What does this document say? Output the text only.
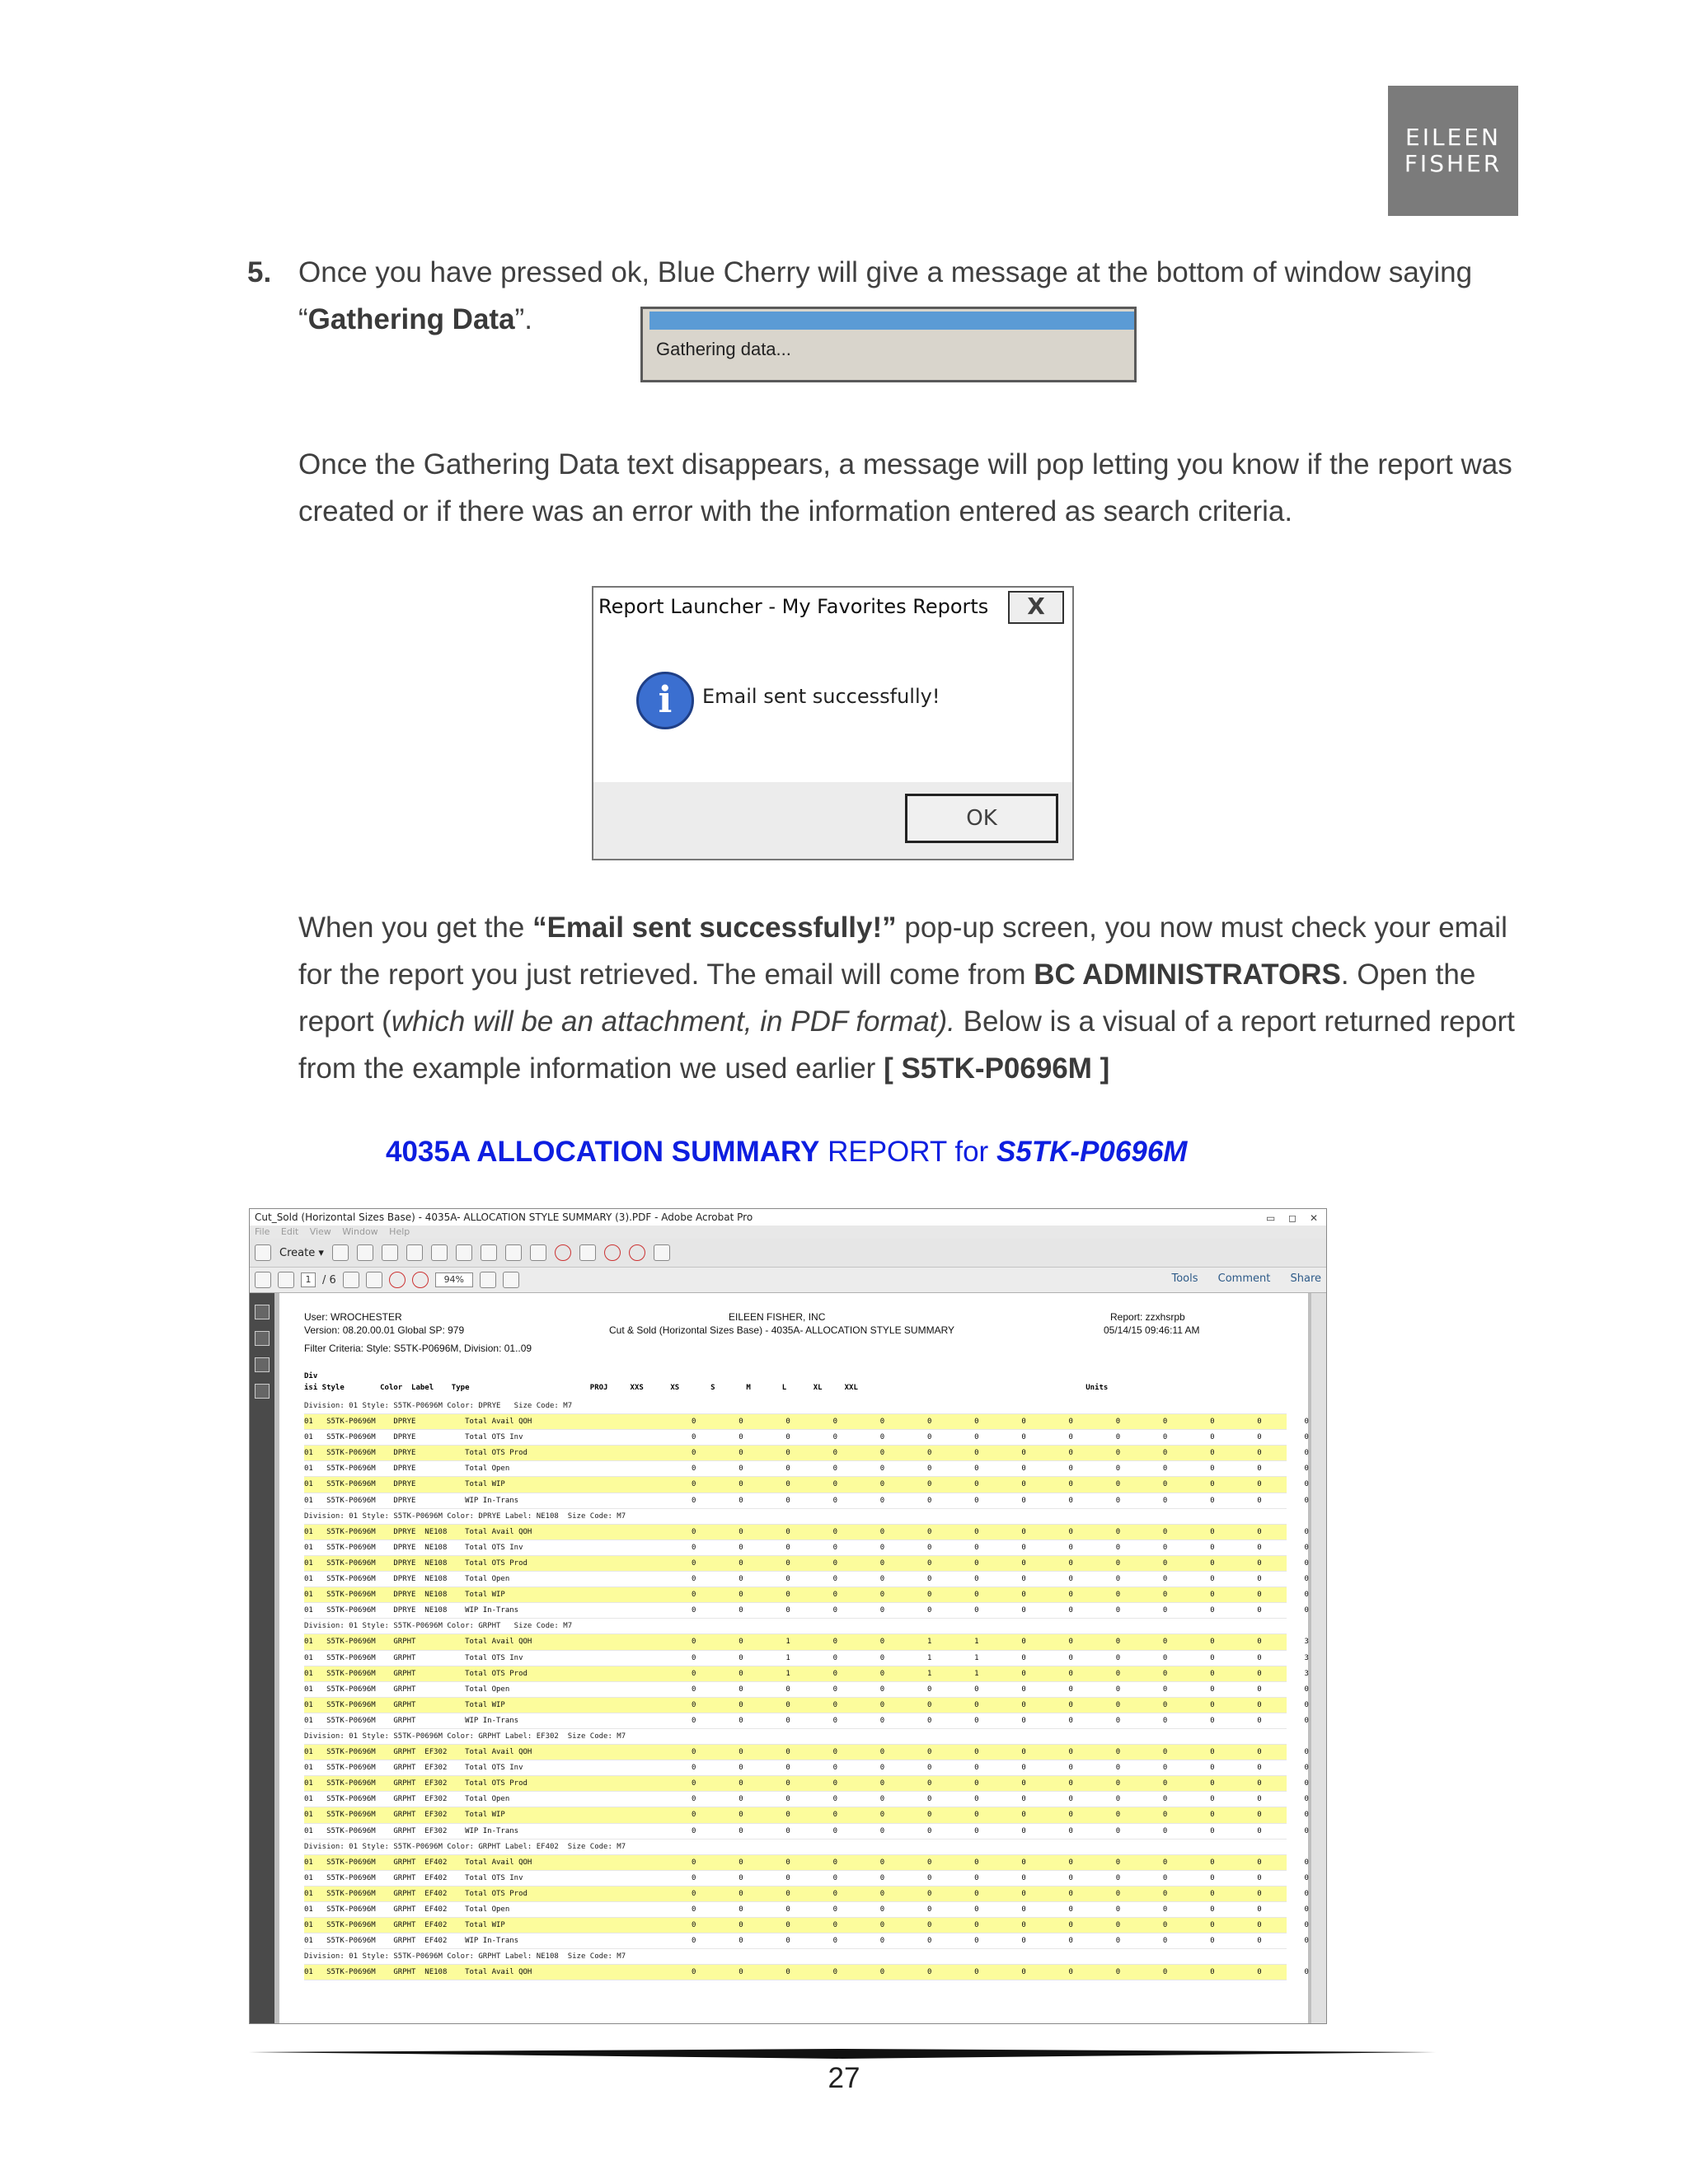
EILEEN
FISHER
5. Once you have pressed ok, Blue Cherry will give a message at the bottom of window saying “Gathering Data”.
Gathering data...
Once the Gathering Data text disappears, a message will pop letting you know if the report was created or if there was an error with the information entered as search criteria.
Report Launcher - My Favorites Reports	X
i	Email sent successfully!
OK
When you get the “Email sent successfully!” pop-up screen, you now must check your email for the report you just retrieved. The email will come from BC ADMINISTRATORS. Open the report (which will be an attachment, in PDF format). Below is a visual of a report returned report from the example information we used earlier [ S5TK-P0696M ]
4035A ALLOCATION SUMMARY REPORT for S5TK-P0696M
Cut_Sold (Horizontal Sizes Base) - 4035A- ALLOCATION STYLE SUMMARY (3).PDF - Adobe Acrobat Pro	▭ ◻ ✕
File Edit View Window Help
Create ▾
1	/ 6	94%	Tools Comment Share
User: WROCHESTER
Version: 08.20.00.01 Global SP: 979
Filter Criteria: Style: S5TK-P0696M, Division: 01..09
EILEEN FISHER, INC
Cut & Sold (Horizontal Sizes Base) - 4035A- ALLOCATION STYLE SUMMARY
Report: zzxhsrpb
05/14/15 09:46:11 AM
Div
isi Style        Color  Label    Type                           PROJ     XXS      XS       S       M       L      XL     XXL                                                   Units
Division: 01 Style: S5TK-P0696M Color: DPRYE   Size Code: M7
01   S5TK-P0696M    DPRYE           Total Avail QOH	0	0	0	0	0	0	0	0	0	0	0	0	0	0
01   S5TK-P0696M    DPRYE           Total OTS Inv	0	0	0	0	0	0	0	0	0	0	0	0	0	0
01   S5TK-P0696M    DPRYE           Total OTS Prod	0	0	0	0	0	0	0	0	0	0	0	0	0	0
01   S5TK-P0696M    DPRYE           Total Open	0	0	0	0	0	0	0	0	0	0	0	0	0	0
01   S5TK-P0696M    DPRYE           Total WIP	0	0	0	0	0	0	0	0	0	0	0	0	0	0
01   S5TK-P0696M    DPRYE           WIP In-Trans	0	0	0	0	0	0	0	0	0	0	0	0	0	0
Division: 01 Style: S5TK-P0696M Color: DPRYE Label: NE108  Size Code: M7
01   S5TK-P0696M    DPRYE  NE108    Total Avail QOH	0	0	0	0	0	0	0	0	0	0	0	0	0	0
01   S5TK-P0696M    DPRYE  NE108    Total OTS Inv	0	0	0	0	0	0	0	0	0	0	0	0	0	0
01   S5TK-P0696M    DPRYE  NE108    Total OTS Prod	0	0	0	0	0	0	0	0	0	0	0	0	0	0
01   S5TK-P0696M    DPRYE  NE108    Total Open	0	0	0	0	0	0	0	0	0	0	0	0	0	0
01   S5TK-P0696M    DPRYE  NE108    Total WIP	0	0	0	0	0	0	0	0	0	0	0	0	0	0
01   S5TK-P0696M    DPRYE  NE108    WIP In-Trans	0	0	0	0	0	0	0	0	0	0	0	0	0	0
Division: 01 Style: S5TK-P0696M Color: GRPHT   Size Code: M7
01   S5TK-P0696M    GRPHT           Total Avail QOH	0	0	1	0	0	1	1	0	0	0	0	0	0	3
01   S5TK-P0696M    GRPHT           Total OTS Inv	0	0	1	0	0	1	1	0	0	0	0	0	0	3
01   S5TK-P0696M    GRPHT           Total OTS Prod	0	0	1	0	0	1	1	0	0	0	0	0	0	3
01   S5TK-P0696M    GRPHT           Total Open	0	0	0	0	0	0	0	0	0	0	0	0	0	0
01   S5TK-P0696M    GRPHT           Total WIP	0	0	0	0	0	0	0	0	0	0	0	0	0	0
01   S5TK-P0696M    GRPHT           WIP In-Trans	0	0	0	0	0	0	0	0	0	0	0	0	0	0
Division: 01 Style: S5TK-P0696M Color: GRPHT Label: EF302  Size Code: M7
01   S5TK-P0696M    GRPHT  EF302    Total Avail QOH	0	0	0	0	0	0	0	0	0	0	0	0	0	0
01   S5TK-P0696M    GRPHT  EF302    Total OTS Inv	0	0	0	0	0	0	0	0	0	0	0	0	0	0
01   S5TK-P0696M    GRPHT  EF302    Total OTS Prod	0	0	0	0	0	0	0	0	0	0	0	0	0	0
01   S5TK-P0696M    GRPHT  EF302    Total Open	0	0	0	0	0	0	0	0	0	0	0	0	0	0
01   S5TK-P0696M    GRPHT  EF302    Total WIP	0	0	0	0	0	0	0	0	0	0	0	0	0	0
01   S5TK-P0696M    GRPHT  EF302    WIP In-Trans	0	0	0	0	0	0	0	0	0	0	0	0	0	0
Division: 01 Style: S5TK-P0696M Color: GRPHT Label: EF402  Size Code: M7
01   S5TK-P0696M    GRPHT  EF402    Total Avail QOH	0	0	0	0	0	0	0	0	0	0	0	0	0	0
01   S5TK-P0696M    GRPHT  EF402    Total OTS Inv	0	0	0	0	0	0	0	0	0	0	0	0	0	0
01   S5TK-P0696M    GRPHT  EF402    Total OTS Prod	0	0	0	0	0	0	0	0	0	0	0	0	0	0
01   S5TK-P0696M    GRPHT  EF402    Total Open	0	0	0	0	0	0	0	0	0	0	0	0	0	0
01   S5TK-P0696M    GRPHT  EF402    Total WIP	0	0	0	0	0	0	0	0	0	0	0	0	0	0
01   S5TK-P0696M    GRPHT  EF402    WIP In-Trans	0	0	0	0	0	0	0	0	0	0	0	0	0	0
Division: 01 Style: S5TK-P0696M Color: GRPHT Label: NE108  Size Code: M7
01   S5TK-P0696M    GRPHT  NE108    Total Avail QOH	0	0	0	0	0	0	0	0	0	0	0	0	0	0
27
